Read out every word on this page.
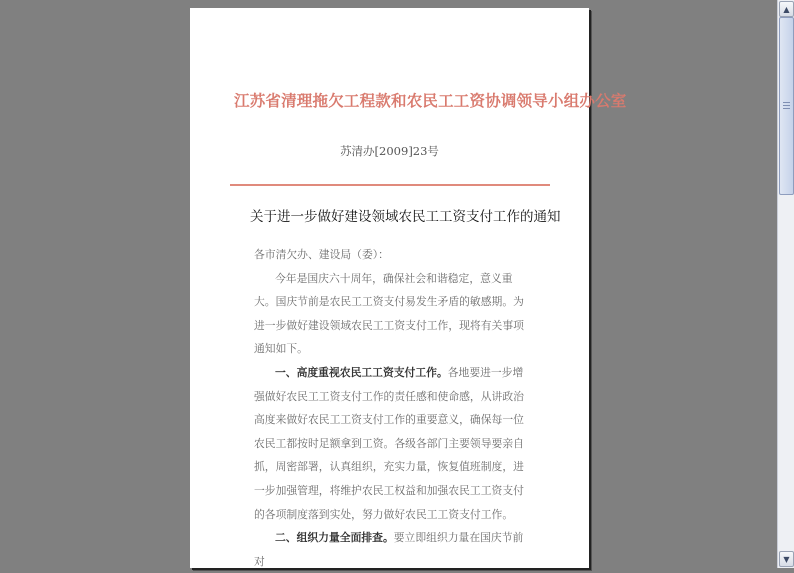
江苏省清理拖欠工程款和农民工工资协调领导小组办公室
苏清办[2009]23号
关于进一步做好建设领域农民工工资支付工作的通知

各市清欠办、建设局（委）：

今年是国庆六十周年，确保社会和谐稳定，意义重大。国庆节前是农民工工资支付易发生矛盾的敏感期。为进一步做好建设领域农民工工资支付工作，现将有关事项通知如下。

一、高度重视农民工工资支付工作。各地要进一步增强做好农民工工资支付工作的责任感和使命感，从讲政治高度来做好农民工工资支付工作的重要意义，确保每一位农民工都按时足额拿到工资。各级各部门主要领导要亲自抓，周密部署，认真组织，充实力量，恢复值班制度，进一步加强管理，将维护农民工权益和加强农民工工资支付的各项制度落到实处，努力做好农民工工资支付工作。

二、组织力量全面排查。要立即组织力量在国庆节前对

▲
▼
